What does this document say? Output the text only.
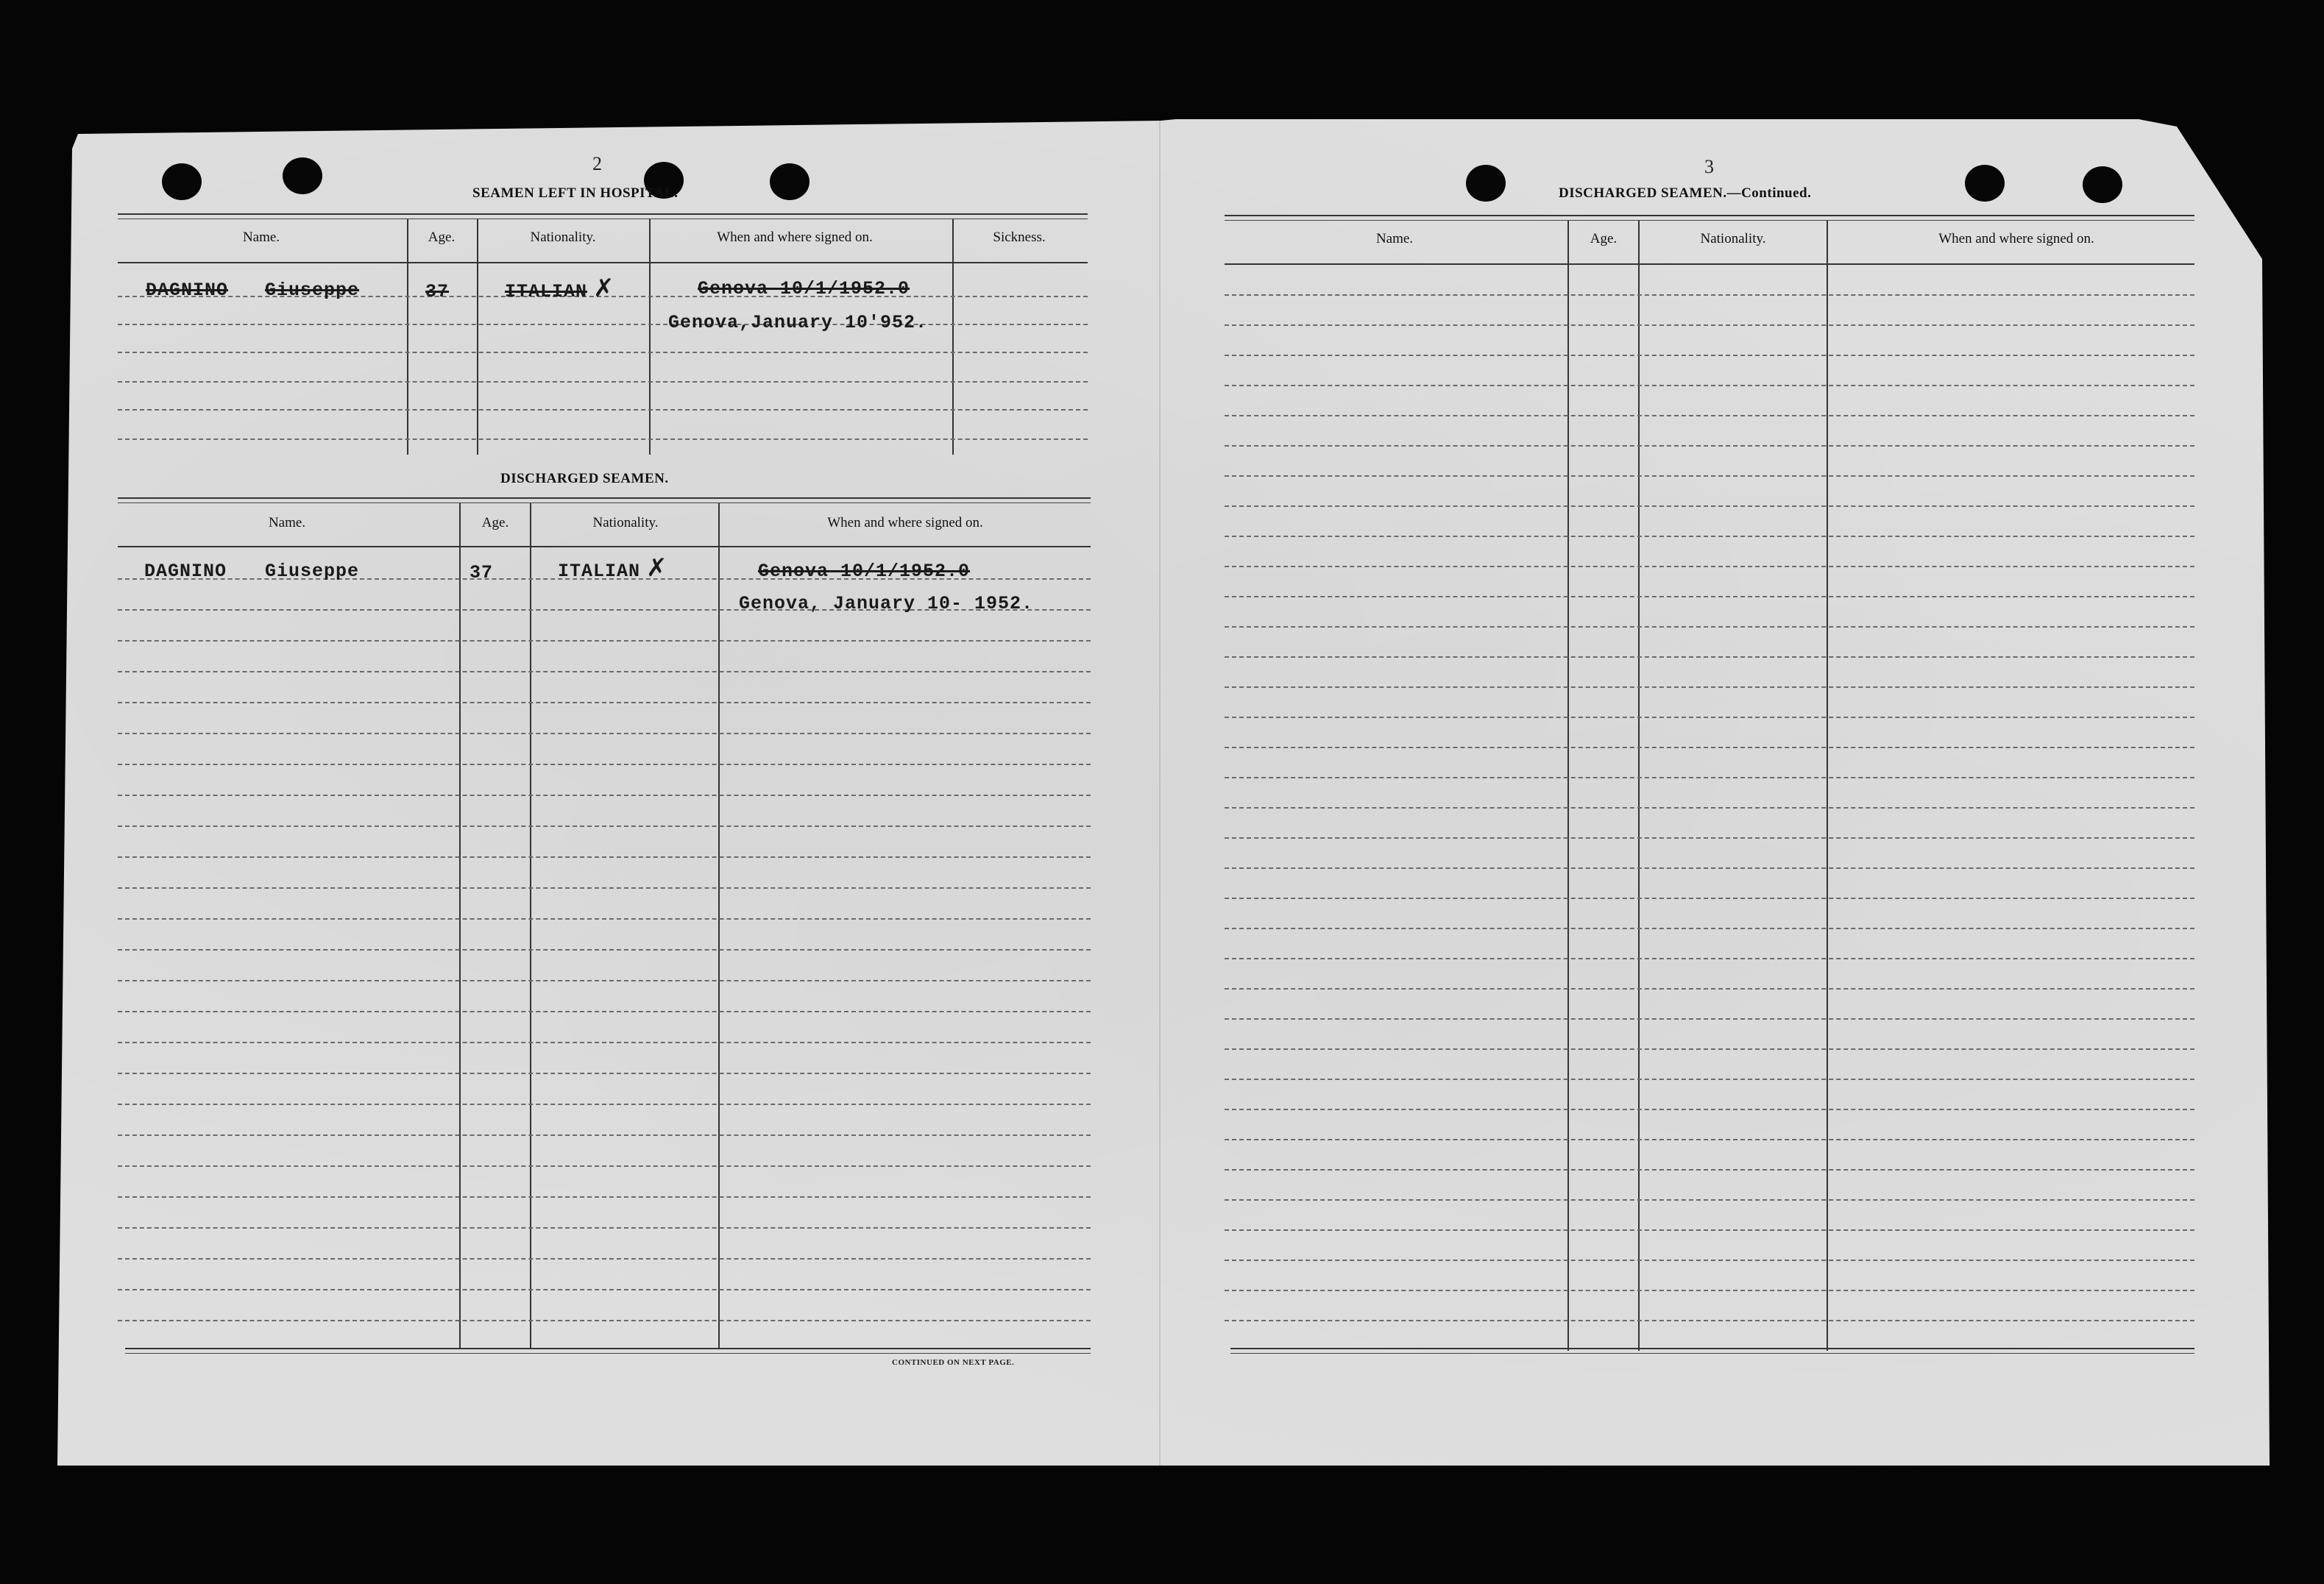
2
SEAMEN LEFT IN HOSPITAL.
Name.	Age.	Nationality.	When and where signed on.	Sickness.
DAGNINO Giuseppe	37	ITALIAN ✗	Genova 10/1/1952.0
Genova,January 10'952.
DISCHARGED SEAMEN.
Name.	Age.	Nationality.	When and where signed on.
DAGNINO Giuseppe	37	ITALIAN ✗	Genova 10/1/1952.0
Genova, January 10- 1952.
CONTINUED ON NEXT PAGE.
3
DISCHARGED SEAMEN.—Continued.
Name.	Age.	Nationality.	When and where signed on.
